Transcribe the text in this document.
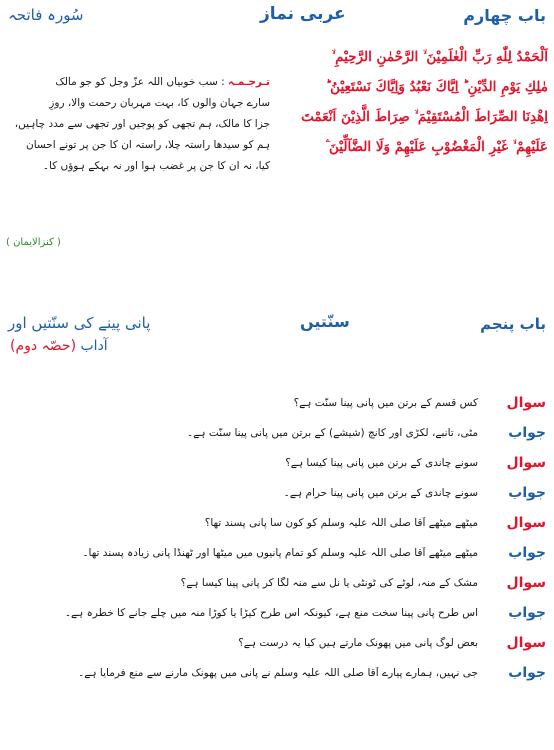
باب چهارم
عربی نماز
سُورہ فاتحہ
اَلْحَمْدُ لِلّٰهِ رَبِّ الْعٰلَمِيْنَ ۙ الرَّحْمٰنِ الرَّحِيْمِ ۙ
مٰلِكِ يَوْمِ الدِّيْنِ ؕ اِيَّاكَ نَعْبُدُ وَاِيَّاكَ نَسْتَعِيْنُ ؕ
اِهْدِنَا الصِّرَاطَ الْمُسْتَقِيْمَ ۙ صِرَاطَ الَّذِيْنَ اَنْعَمْتَ
عَلَيْهِمْ ۙ غَيْرِ الْمَغْضُوْبِ عَلَيْهِمْ وَلَا الضَّآلِّيْنَ ۧ
تـرجـمـہ : سب خوبیاں اللہ عزّ وجل کو جو مالک
سارے جہان والوں کا، بہت مہربان رحمت والا، روزِ
جزا کا مالک، ہم تجھی کو پوجیں اور تجھی سے مدد چاہیں،
ہم کو سیدھا راستہ چلا، راستہ ان کا جن پر تونے احسان
کیا، نہ ان کا جن پر غضب ہوا اور نہ بہکے ہوؤں کا۔
( کنزالایمان )
باب پنجم
سنّتیں
پانی پینے کی سنّتیں اور
آداب (حصّہ دوم)
سوال
کس قسم کے برتن میں پانی پینا سنّت ہے؟
جواب
مٹی، تانبے، لکڑی اور کانچ (شیشے) کے برتن میں پانی پینا سنّت ہے۔
سوال
سونے چاندی کے برتن میں پانی پینا کیسا ہے؟
جواب
سونے چاندی کے برتن میں پانی پینا حرام ہے۔
سوال
میٹھے میٹھے آقا صلی اللہ علیہ وسلم کو کون سا پانی پسند تھا؟
جواب
میٹھے میٹھے آقا صلی اللہ علیہ وسلم کو تمام پانیوں میں میٹھا اور ٹھنڈا پانی زیادہ پسند تھا۔
سوال
مشک کے منہ، لوٹے کی ٹونٹی یا نل سے منہ لگا کر پانی پینا کیسا ہے؟
جواب
اس طرح پانی پینا سخت منع ہے، کیونکہ اس طرح کیڑا یا کوڑا منہ میں چلے جانے کا خطرہ ہے۔
سوال
بعض لوگ پانی میں پھونک مارتے ہیں کیا یہ درست ہے؟
جواب
جی نہیں، ہمارے پیارے آقا صلی اللہ علیہ وسلم نے پانی میں پھونک مارنے سے منع فرمایا ہے۔
